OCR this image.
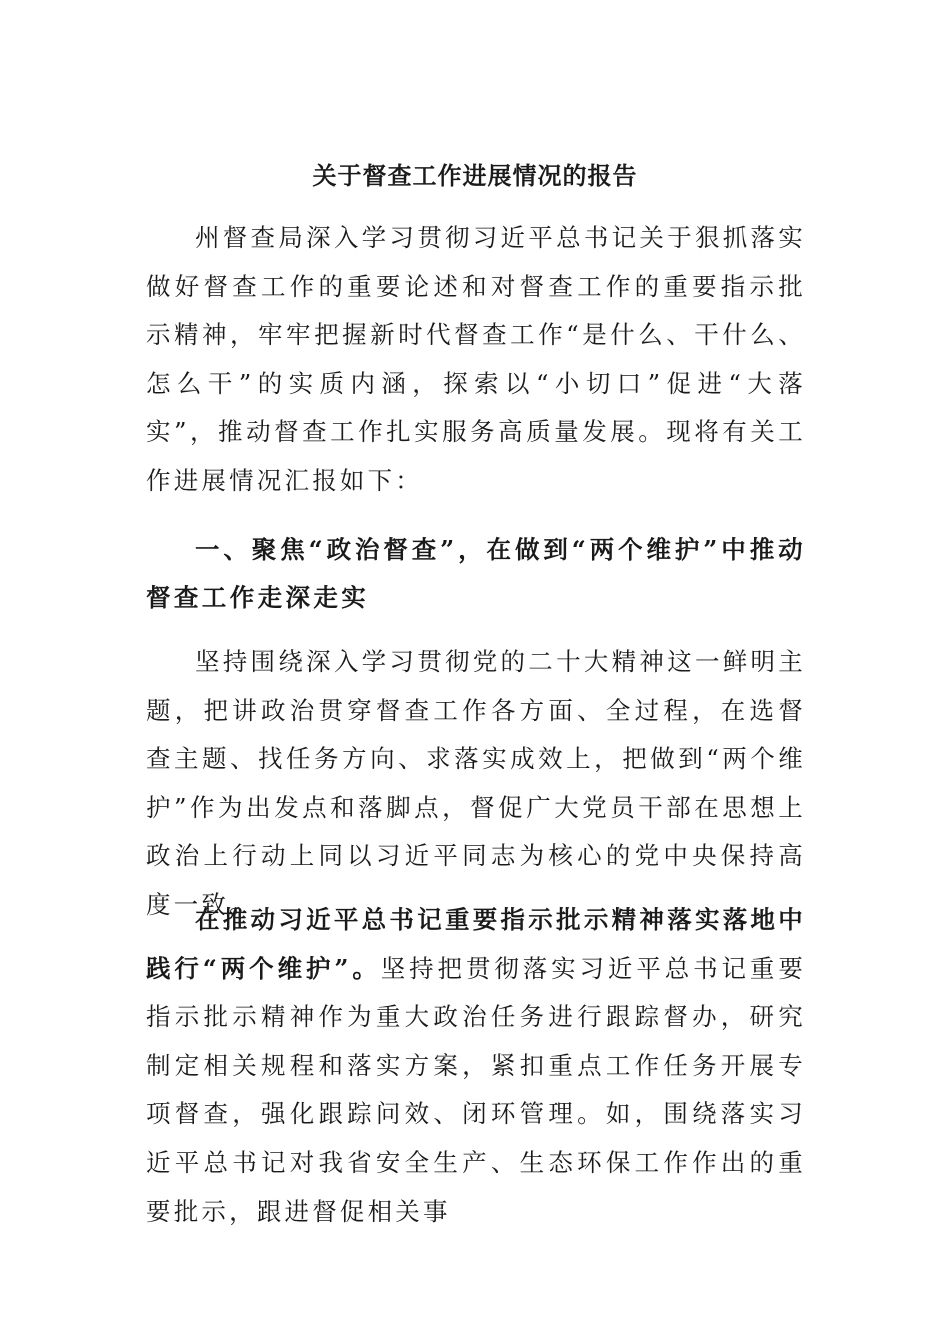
关于督查工作进展情况的报告
州督查局深入学习贯彻习近平总书记关于狠抓落实做好督查工作的重要论述和对督查工作的重要指示批示精神，牢牢把握新时代督查工作“是什么、干什么、怎么干”的实质内涵，探索以“小切口”促进“大落实”，推动督查工作扎实服务高质量发展。现将有关工作进展情况汇报如下：
一、聚焦“政治督查”，在做到“两个维护”中推动督查工作走深走实
坚持围绕深入学习贯彻党的二十大精神这一鲜明主题，把讲政治贯穿督查工作各方面、全过程，在选督查主题、找任务方向、求落实成效上，把做到“两个维护”作为出发点和落脚点，督促广大党员干部在思想上政治上行动上同以习近平同志为核心的党中央保持高度一致。
在推动习近平总书记重要指示批示精神落实落地中践行“两个维护”。坚持把贯彻落实习近平总书记重要指示批示精神作为重大政治任务进行跟踪督办，研究制定相关规程和落实方案，紧扣重点工作任务开展专项督查，强化跟踪问效、闭环管理。如，围绕落实习近平总书记对我省安全生产、生态环保工作作出的重要批示，跟进督促相关事
